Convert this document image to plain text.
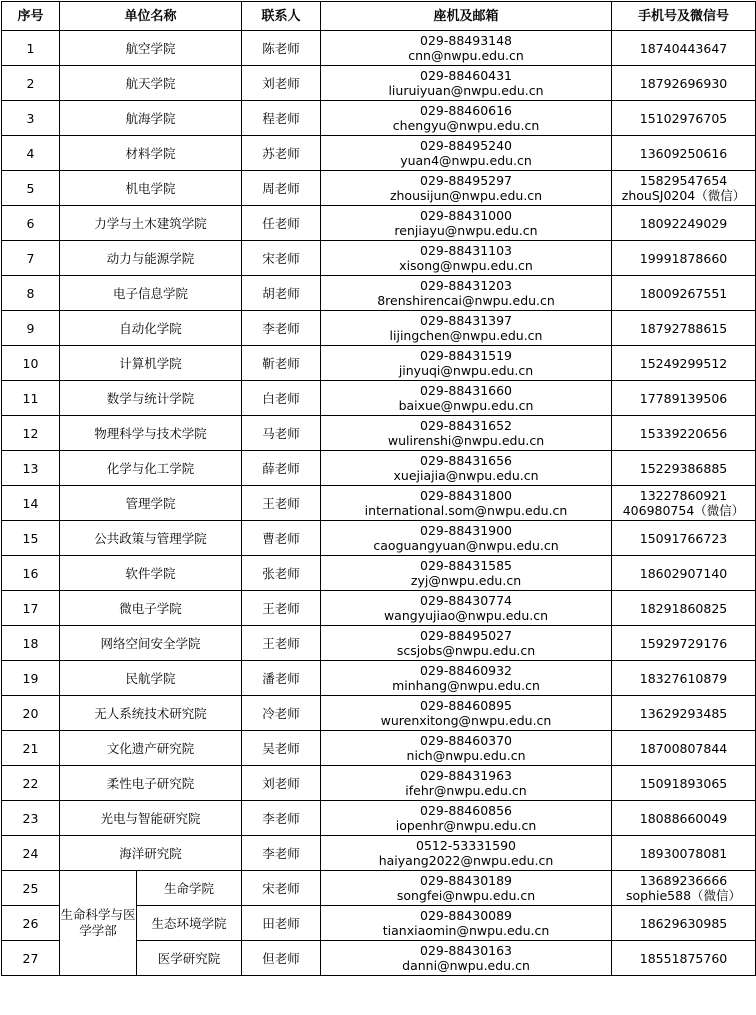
序号	单位名称		联系人	座机及邮箱	手机号及微信号
1	航空学院		陈老师	029-88493148
cnn@nwpu.edu.cn	18740443647

2	航天学院		刘老师	029-88460431
liuruiyuan@nwpu.edu.cn	18792696930

3	航海学院		程老师	029-88460616
chengyu@nwpu.edu.cn	15102976705

4	材料学院		苏老师	029-88495240
yuan4@nwpu.edu.cn	13609250616

5	机电学院		周老师	029-88495297
zhousijun@nwpu.edu.cn	15829547654
zhouSJ0204（微信）

6	力学与土木建筑学院		任老师	029-88431000
renjiayu@nwpu.edu.cn	18092249029

7	动力与能源学院		宋老师	029-88431103
xisong@nwpu.edu.cn	19991878660

8	电子信息学院		胡老师	029-88431203
8renshirencai@nwpu.edu.cn	18009267551

9	自动化学院		李老师	029-88431397
lijingchen@nwpu.edu.cn	18792788615

10	计算机学院		靳老师	029-88431519
jinyuqi@nwpu.edu.cn	15249299512

11	数学与统计学院		白老师	029-88431660
baixue@nwpu.edu.cn	17789139506

12	物理科学与技术学院		马老师	029-88431652
wulirenshi@nwpu.edu.cn	15339220656

13	化学与化工学院		薛老师	029-88431656
xuejiajia@nwpu.edu.cn	15229386885

14	管理学院		王老师	029-88431800
international.som@nwpu.edu.cn	13227860921
406980754（微信）

15	公共政策与管理学院		曹老师	029-88431900
caoguangyuan@nwpu.edu.cn	15091766723

16	软件学院		张老师	029-88431585
zyj@nwpu.edu.cn	18602907140

17	微电子学院		王老师	029-88430774
wangyujiao@nwpu.edu.cn	18291860825

18	网络空间安全学院		王老师	029-88495027
scsjobs@nwpu.edu.cn	15929729176

19	民航学院		潘老师	029-88460932
minhang@nwpu.edu.cn	18327610879

20	无人系统技术研究院		冷老师	029-88460895
wurenxitong@nwpu.edu.cn	13629293485

21	文化遗产研究院		吴老师	029-88460370
nich@nwpu.edu.cn	18700807844

22	柔性电子研究院		刘老师	029-88431963
ifehr@nwpu.edu.cn	15091893065

23	光电与智能研究院		李老师	029-88460856
iopenhr@nwpu.edu.cn	18088660049

24	海洋研究院		李老师	0512-53331590
haiyang2022@nwpu.edu.cn	18930078081

25	生命科学与医学学部	生命学院	宋老师	029-88430189
songfei@nwpu.edu.cn	13689236666
sophie588（微信）

26		生态环境学院	田老师	029-88430089
tianxiaomin@nwpu.edu.cn	18629630985

27		医学研究院	但老师	029-88430163
danni@nwpu.edu.cn	18551875760
